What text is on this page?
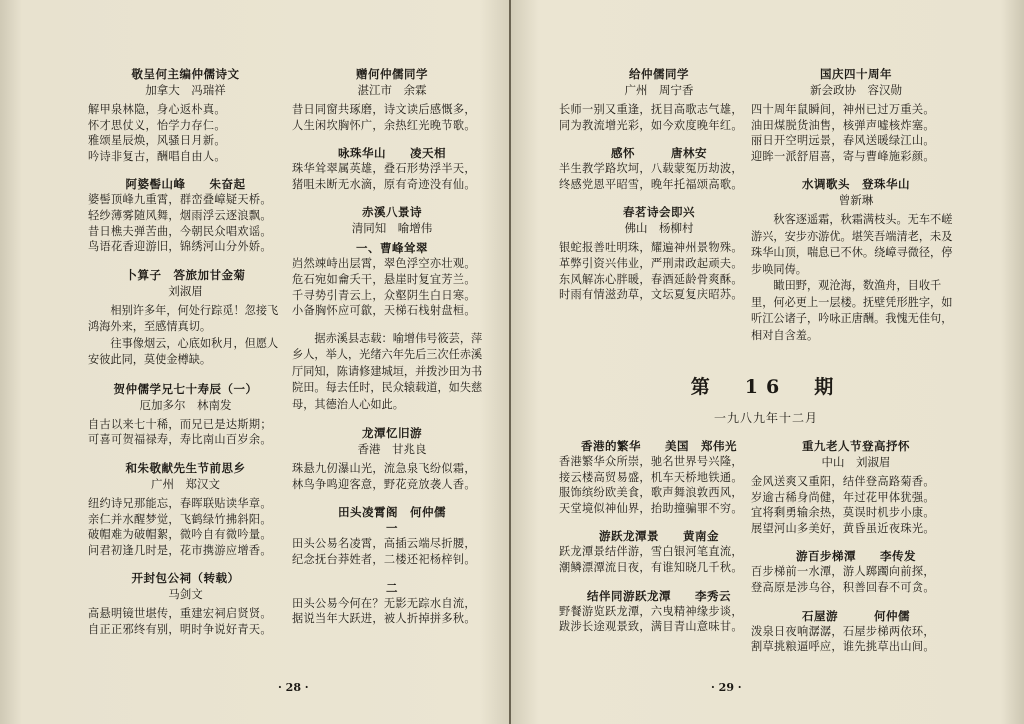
敬呈何主编仲儒诗文
加拿大　冯瑞祥
解甲泉林隐，身心返朴真。
怀才思仗义，怡学力存仁。
雅颂星辰焕，风骚日月新。
吟诗非复古，酬唱自由人。
阿婆髻山峰　　朱奋起
婆髻顶峰九重霄，群峦叠嶂疑天桥。
轻纱薄雾随风舞，烟雨浮云逐浪飘。
昔日樵夫弹苦曲，今朝民众唱欢谣。
鸟语花香迎游旧，锦绣河山分外娇。
卜算子　答旅加甘金菊
刘淑眉
相别许多年，何处行踪觅！忽接飞鸿海外来，至感情真切。
往事像烟云，心底如秋月，但愿人安彼此同，莫使金樽缺。
贺仲儒学兄七十寿辰（一）
厄加多尔　林南发
自古以来七十稀，而兄已是达斯期；
可喜可贺福禄寿，寿比南山百岁余。
和朱敬献先生节前思乡
广州　郑汉文
纽约诗兄那能忘，春晖联贴读华章。
亲仁并水醒梦觉，飞鹤绿竹拂斜阳。
破帽难为破帽絮，微吟自有微吟量。
问君初逢几时是，花市携游应增香。
开封包公祠（转载）
马剑文
高悬明镜世堪传，重建宏祠启贤贤。
自正正邪终有别，明时争说好青天。
赠何仲儒同学
湛江市　余霖
昔日同窗共琢磨，诗文读后感慨多，
人生闲坎胸怀广，余热红光晚节歌。
咏珠华山　　凌天相
珠华耸翠属英雄，叠石形势浮半天，
猪咀未断无水滴，原有奇迹没有仙。
赤溪八景诗
清同知　喻增伟
一、曹峰耸翠
岿然竦峙出层霄，翠色浮空亦壮观。
危石宛如龠夭干，悬崖时复宜芳兰。
千寻势引青云上，众壑阴生白日寒。
小备胸怀应可歙，天梯石栈射盘桓。
据赤溪县志载：喻增伟号筱芸，萍乡人，举人，光绪六年先后三次任赤溪厅同知，陈请修建城垣，并拨沙田为书院田。每去任时，民众辕载道，如失慈母，其德治人心如此。
龙潭忆旧游
香港　甘兆良
珠悬九仞瀑山光，流急泉飞纷似霜，
林鸟争鸣迎客意，野花竞放袭人香。
田头凌霄阁　何仲儒
一
田头公易名凌霄，高插云端尽折腰，
纪念抚台莽姓者，二楼还祀杨梓钊。
二
田头公易今何在？无影无踪水自流，
据说当年大跃进，被人折掉拼多秋。
· 28 ·
给仲儒同学
广州　周宁香
长师一别又重逢，抚目高歌志气雄，
同为教流增光彩，如今欢度晚年红。
感怀　　　唐林安
半生教学路坎坷，八载蒙冤历劫波，
终感党恩平昭雪，晚年托福颂高歌。
春茗诗会即兴
佛山　杨柳村
银蛇报善吐明珠，耀遍神州景物殊。
革弊引资兴伟业，严刑肃政起顽夫。
东风解冻心胖暖，春酒延龄骨爽酥。
时雨有情滋劲草，文坛夏复庆昭苏。
第　16　期
一九八九年十二月
香港的繁华　　美国　郑伟光
香港繁华众所崇，驰名世界号兴隆，
接云楼高贸易盛，机车天桥地铁通。
服饰缤纷欧美食，歌声舞浪敦西风，
天堂境似神仙界，抬助撞骗罪不穷。
游跃龙潭景　　黄南金
跃龙潭景结伴游，雪白银河笔直流，
潮鳞漂潭流日夜，有谁知晓几千秋。
结伴同游跃龙潭　　李秀云
野餐游览跃龙潭，六曳精神缘步谈，
跋涉长途观景致，满目青山意味甘。
国庆四十周年
新会政协　容汉勋
四十周年鼠瞬间，神州已过万重关。
油田煤脱货油售，核弹声嘘核炸塞。
丽日开空明远景，春风送暖绿江山。
迎眸一派舒眉喜，寄与曹峰施彩颜。
水调歌头　登珠华山
曾新琳
秋客逐遥霜，秋霜满枝头。无车不嵯游兴，安步亦游优。堪笑吾端清老，未及珠华山顶，喘息已不休。绕嶂寻微径，停步唤同俦。
瞰田野，观沧海，数渔舟，目收千里，何必更上一层楼。抚壁凭形胜字，如听江公诸子，吟咏正唐酬。我愧无佳句，相对自含羞。
重九老人节登高抒怀
中山　刘淑眉
金风送爽又重阳，结伴登高路菊香。
岁逾古稀身尚健，年过花甲体犹强。
宜将剩勇输余热，莫误时机步小康。
展望河山多美好，黄昏虽近夜珠光。
游百步梯潭　　李传发
百步梯前一水潭，游人踯躅向前探，
登高原是涉乌谷，积善回春不可贪。
石屋游　　　何仲儒
泼泉日夜响潺潺，石屋步梯两依环，
割草挑粮逼呼应，谁先挑草出山间。
· 29 ·
